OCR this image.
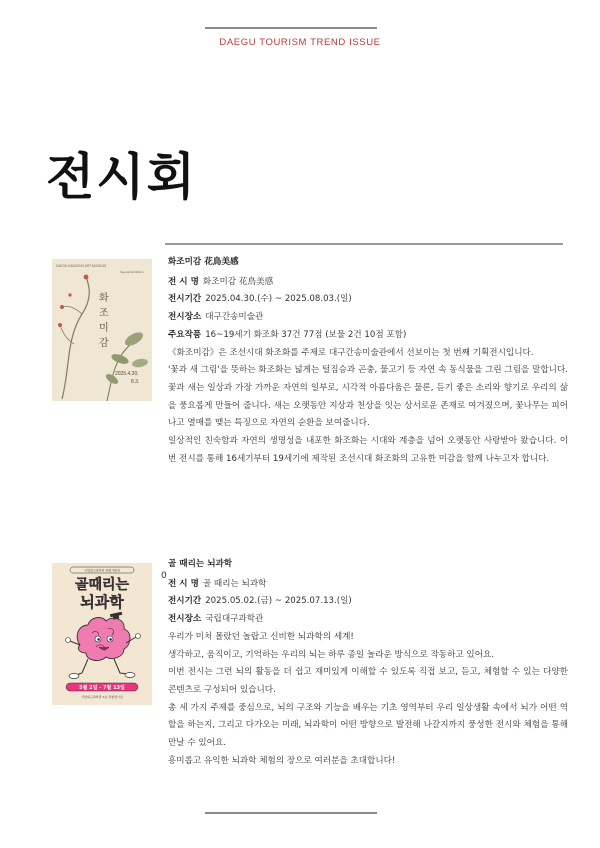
DAEGU TOURISM TREND ISSUE
전시회
DAEGU KANSONG ART MUSEUM
Special Exhibition
화
조
미
감
2025.4.30.
8.3.
화조미감 花鳥美感
전 시 명 화조미감 花鳥美感
전시기간 2025.04.30.(수) ~ 2025.08.03.(일)
전시장소 대구간송미술관
주요작품 16~19세기 화조화 37건 77점 (보물 2건 10점 포함)
《화조미감》은 조선시대 화조화를 주제로 대구간송미술관에서 선보이는 첫 번째 기획전시입니다.
'꽃과 새 그림'을 뜻하는 화조화는 넓게는 털짐승과 곤충, 물고기 등 자연 속 동식물을 그린 그림을 말합니다. 꽃과 새는 일상과 가장 가까운 자연의 일부로, 시각적 아름다움은 물론, 듣기 좋은 소리와 향기로 우리의 삶을 풍요롭게 만들어 줍니다. 새는 오랫동안 지상과 천상을 잇는 상서로운 존재로 여겨졌으며, 꽃나무는 피어나고 열매를 맺는 특징으로 자연의 순환을 보여줍니다.
일상적인 친숙함과 자연의 생명성을 내포한 화조화는 시대와 계층을 넘어 오랫동안 사랑받아 왔습니다. 이번 전시를 통해 16세기부터 19세기에 제작된 조선시대 화조화의 고유한 미감을 함께 나누고자 합니다.
국립대구과학관 특별기획전
골때리는
뇌과학
5월 2일 - 7월 13일
국립대구과학관 1층 특별전시실
0
골 때리는 뇌과학
전 시 명 골 때리는 뇌과학
전시기간 2025.05.02.(금) ~ 2025.07.13.(일)
전시장소 국립대구과학관
우리가 미처 몰랐던 놀랍고 신비한 뇌과학의 세계!
생각하고, 움직이고, 기억하는 우리의 뇌는 하루 종일 놀라운 방식으로 작동하고 있어요.
이번 전시는 그런 뇌의 활동을 더 쉽고 재미있게 이해할 수 있도록 직접 보고, 듣고, 체험할 수 있는 다양한 콘텐츠로 구성되어 있습니다.
총 세 가지 주제를 중심으로, 뇌의 구조와 기능을 배우는 기초 영역부터 우리 일상생활 속에서 뇌가 어떤 역할을 하는지, 그리고 다가오는 미래, 뇌과학이 어떤 방향으로 발전해 나갈지까지 풍성한 전시와 체험을 통해 만날 수 있어요.
흥미롭고 유익한 뇌과학 체험의 장으로 여러분을 초대합니다!
